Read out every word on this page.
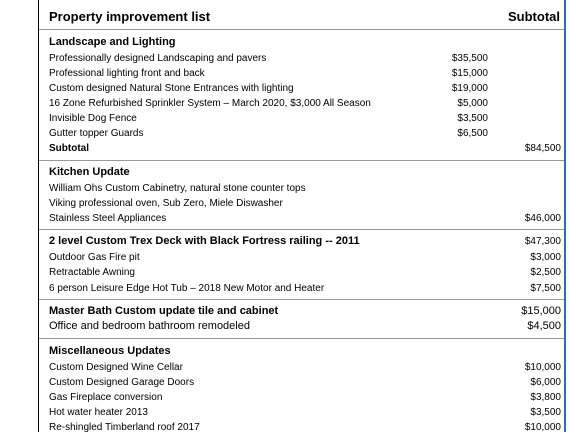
Property improvement list	Subtotal
Landscape and Lighting
Professionally designed Landscaping and pavers	$35,500
Professional lighting front and back	$15,000
Custom designed Natural Stone Entrances with lighting	$19,000
16 Zone Refurbished Sprinkler System – March 2020, $3,000 All Season	$5,000
Invisible Dog Fence	$3,500
Gutter topper Guards	$6,500
Subtotal	$84,500
Kitchen Update
William Ohs Custom Cabinetry, natural stone counter tops
Viking professional oven, Sub Zero, Miele Diswasher
Stainless Steel Appliances	$46,000
2 level Custom Trex Deck with Black Fortress railing -- 2011	$47,300
Outdoor Gas Fire pit	$3,000
Retractable Awning	$2,500
6 person Leisure Edge Hot Tub – 2018 New Motor and Heater	$7,500
Master Bath Custom update tile and cabinet	$15,000
Office and bedroom bathroom remodeled	$4,500
Miscellaneous Updates
Custom Designed Wine Cellar	$10,000
Custom Designed Garage Doors	$6,000
Gas Fireplace conversion	$3,800
Hot water heater 2013	$3,500
Re-shingled Timberland roof 2017	$10,000
